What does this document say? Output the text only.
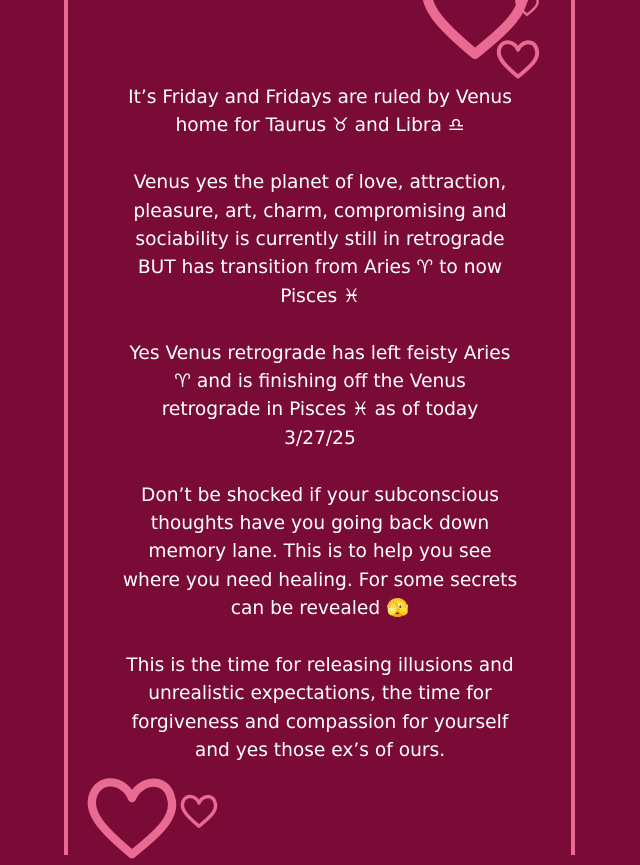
It’s Friday and Fridays are ruled by Venus
home for Taurus ♉ and Libra ♎

Venus yes the planet of love, attraction,
pleasure, art, charm, compromising and
sociability is currently still in retrograde
BUT has transition from Aries ♈ to now
Pisces ♓

Yes Venus retrograde has left feisty Aries
♈ and is finishing off the Venus
retrograde in Pisces ♓ as of today
3/27/25

Don’t be shocked if your subconscious
thoughts have you going back down
memory lane. This is to help you see
where you need healing. For some secrets
can be revealed 🫣

This is the time for releasing illusions and
unrealistic expectations, the time for
forgiveness and compassion for yourself
and yes those ex’s of ours.
